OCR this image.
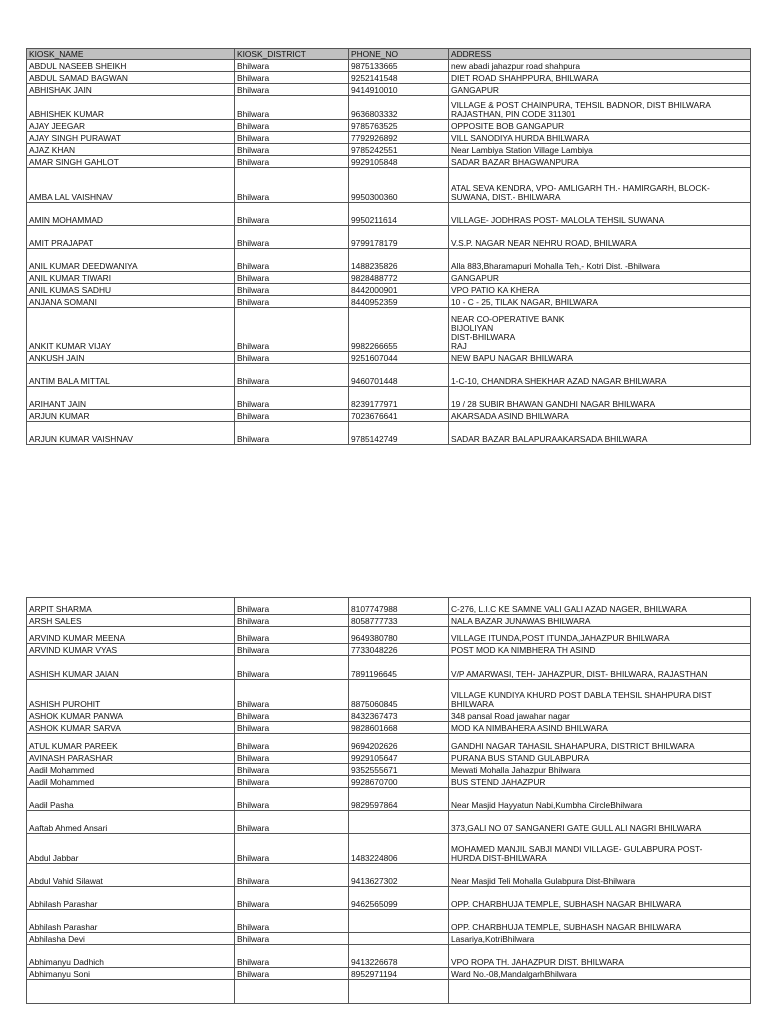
KIOSK_NAME	KIOSK_DISTRICT	PHONE_NO	ADDRESS
ABDUL NASEEB SHEIKH	Bhilwara	9875133665	new abadi jahazpur road shahpura
ABDUL SAMAD BAGWAN	Bhilwara	9252141548	DIET ROAD SHAHPPURA, BHILWARA
ABHISHAK JAIN	Bhilwara	9414910010	GANGAPUR
ABHISHEK KUMAR	Bhilwara	9636803332	VILLAGE & POST CHAINPURA, TEHSIL BADNOR, DIST BHILWARA
RAJASTHAN, PIN CODE 311301
AJAY JEEGAR	Bhilwara	9785763525	OPPOSITE BOB GANGAPUR
AJAY SINGH PURAWAT	Bhilwara	7792926892	VILL SANODIYA HURDA BHILWARA
AJAZ KHAN	Bhilwara	9785242551	Near Lambiya Station Village Lambiya
AMAR SINGH GAHLOT	Bhilwara	9929105848	SADAR BAZAR BHAGWANPURA
AMBA LAL VAISHNAV	Bhilwara	9950300360	ATAL SEVA KENDRA, VPO- AMLIGARH TH.- HAMIRGARH, BLOCK-
SUWANA, DIST.- BHILWARA
AMIN MOHAMMAD	Bhilwara	9950211614	VILLAGE- JODHRAS POST- MALOLA TEHSIL SUWANA
AMIT PRAJAPAT	Bhilwara	9799178179	V.S.P. NAGAR NEAR NEHRU ROAD, BHILWARA
ANIL KUMAR DEEDWANIYA	Bhilwara	1488235826	Alla 883,Bharamapuri Mohalla Teh,- Kotri Dist. -Bhilwara
ANIL KUMAR TIWARI	Bhilwara	9828488772	GANGAPUR
ANIL KUMAS SADHU	Bhilwara	8442000901	VPO PATIO KA KHERA
ANJANA SOMANI	Bhilwara	8440952359	10 - C - 25, TILAK NAGAR, BHILWARA
ANKIT KUMAR VIJAY	Bhilwara	9982266655	NEAR CO-OPERATIVE BANK
BIJOLIYAN
DIST-BHILWARA
RAJ
ANKUSH JAIN	Bhilwara	9251607044	NEW BAPU NAGAR BHILWARA
ANTIM BALA MITTAL	Bhilwara	9460701448	1-C-10, CHANDRA SHEKHAR AZAD NAGAR BHILWARA
ARIHANT JAIN	Bhilwara	8239177971	19 / 28 SUBIR BHAWAN GANDHI NAGAR BHILWARA
ARJUN KUMAR	Bhilwara	7023676641	AKARSADA ASIND BHILWARA
ARJUN KUMAR VAISHNAV	Bhilwara	9785142749	SADAR BAZAR BALAPURAAKARSADA BHILWARA
ARPIT SHARMA	Bhilwara	8107747988	C-276, L.I.C KE SAMNE VALI GALI AZAD NAGER, BHILWARA
ARSH SALES	Bhilwara	8058777733	NALA BAZAR JUNAWAS BHILWARA
ARVIND KUMAR MEENA	Bhilwara	9649380780	VILLAGE ITUNDA,POST ITUNDA,JAHAZPUR BHILWARA
ARVIND KUMAR VYAS	Bhilwara	7733048226	POST MOD KA NIMBHERA TH ASIND
ASHISH KUMAR JAIAN	Bhilwara	7891196645	V/P AMARWASI, TEH- JAHAZPUR, DIST- BHILWARA, RAJASTHAN
ASHISH PUROHIT	Bhilwara	8875060845	VILLAGE KUNDIYA KHURD POST DABLA TEHSIL SHAHPURA DIST
BHILWARA
ASHOK KUMAR PANWA	Bhilwara	8432367473	348 pansal Road jawahar nagar
ASHOK KUMAR SARVA	Bhilwara	9828601668	MOD KA NIMBAHERA ASIND BHILWARA
ATUL KUMAR PAREEK	Bhilwara	9694202626	GANDHI NAGAR TAHASIL SHAHAPURA, DISTRICT BHILWARA
AVINASH PARASHAR	Bhilwara	9929105647	PURANA BUS STAND GULABPURA
Aadil Mohammed	Bhilwara	9352555671	Mewati Mohalla Jahazpur Bhilwara
Aadil Mohammed	Bhilwara	9928670700	BUS STEND JAHAZPUR
Aadil Pasha	Bhilwara	9829597864	Near Masjid Hayyatun Nabi,Kumbha CircleBhilwara
Aaftab Ahmed Ansari	Bhilwara		373,GALI NO 07 SANGANERI GATE GULL ALI NAGRI BHILWARA
Abdul Jabbar	Bhilwara	1483224806	MOHAMED MANJIL SABJI MANDI VILLAGE- GULABPURA POST-
HURDA DIST-BHILWARA
Abdul Vahid Silawat	Bhilwara	9413627302	Near Masjid Teli Mohalla Gulabpura Dist-Bhilwara
Abhilash Parashar	Bhilwara	9462565099	OPP. CHARBHUJA TEMPLE, SUBHASH NAGAR BHILWARA
Abhilash Parashar	Bhilwara		OPP. CHARBHUJA TEMPLE, SUBHASH NAGAR BHILWARA
Abhilasha Devi	Bhilwara		Lasariya,KotriBhilwara
Abhimanyu Dadhich	Bhilwara	9413226678	VPO ROPA TH. JAHAZPUR DIST. BHILWARA
Abhimanyu Soni	Bhilwara	8952971194	Ward No.-08,MandalgarhBhilwara
